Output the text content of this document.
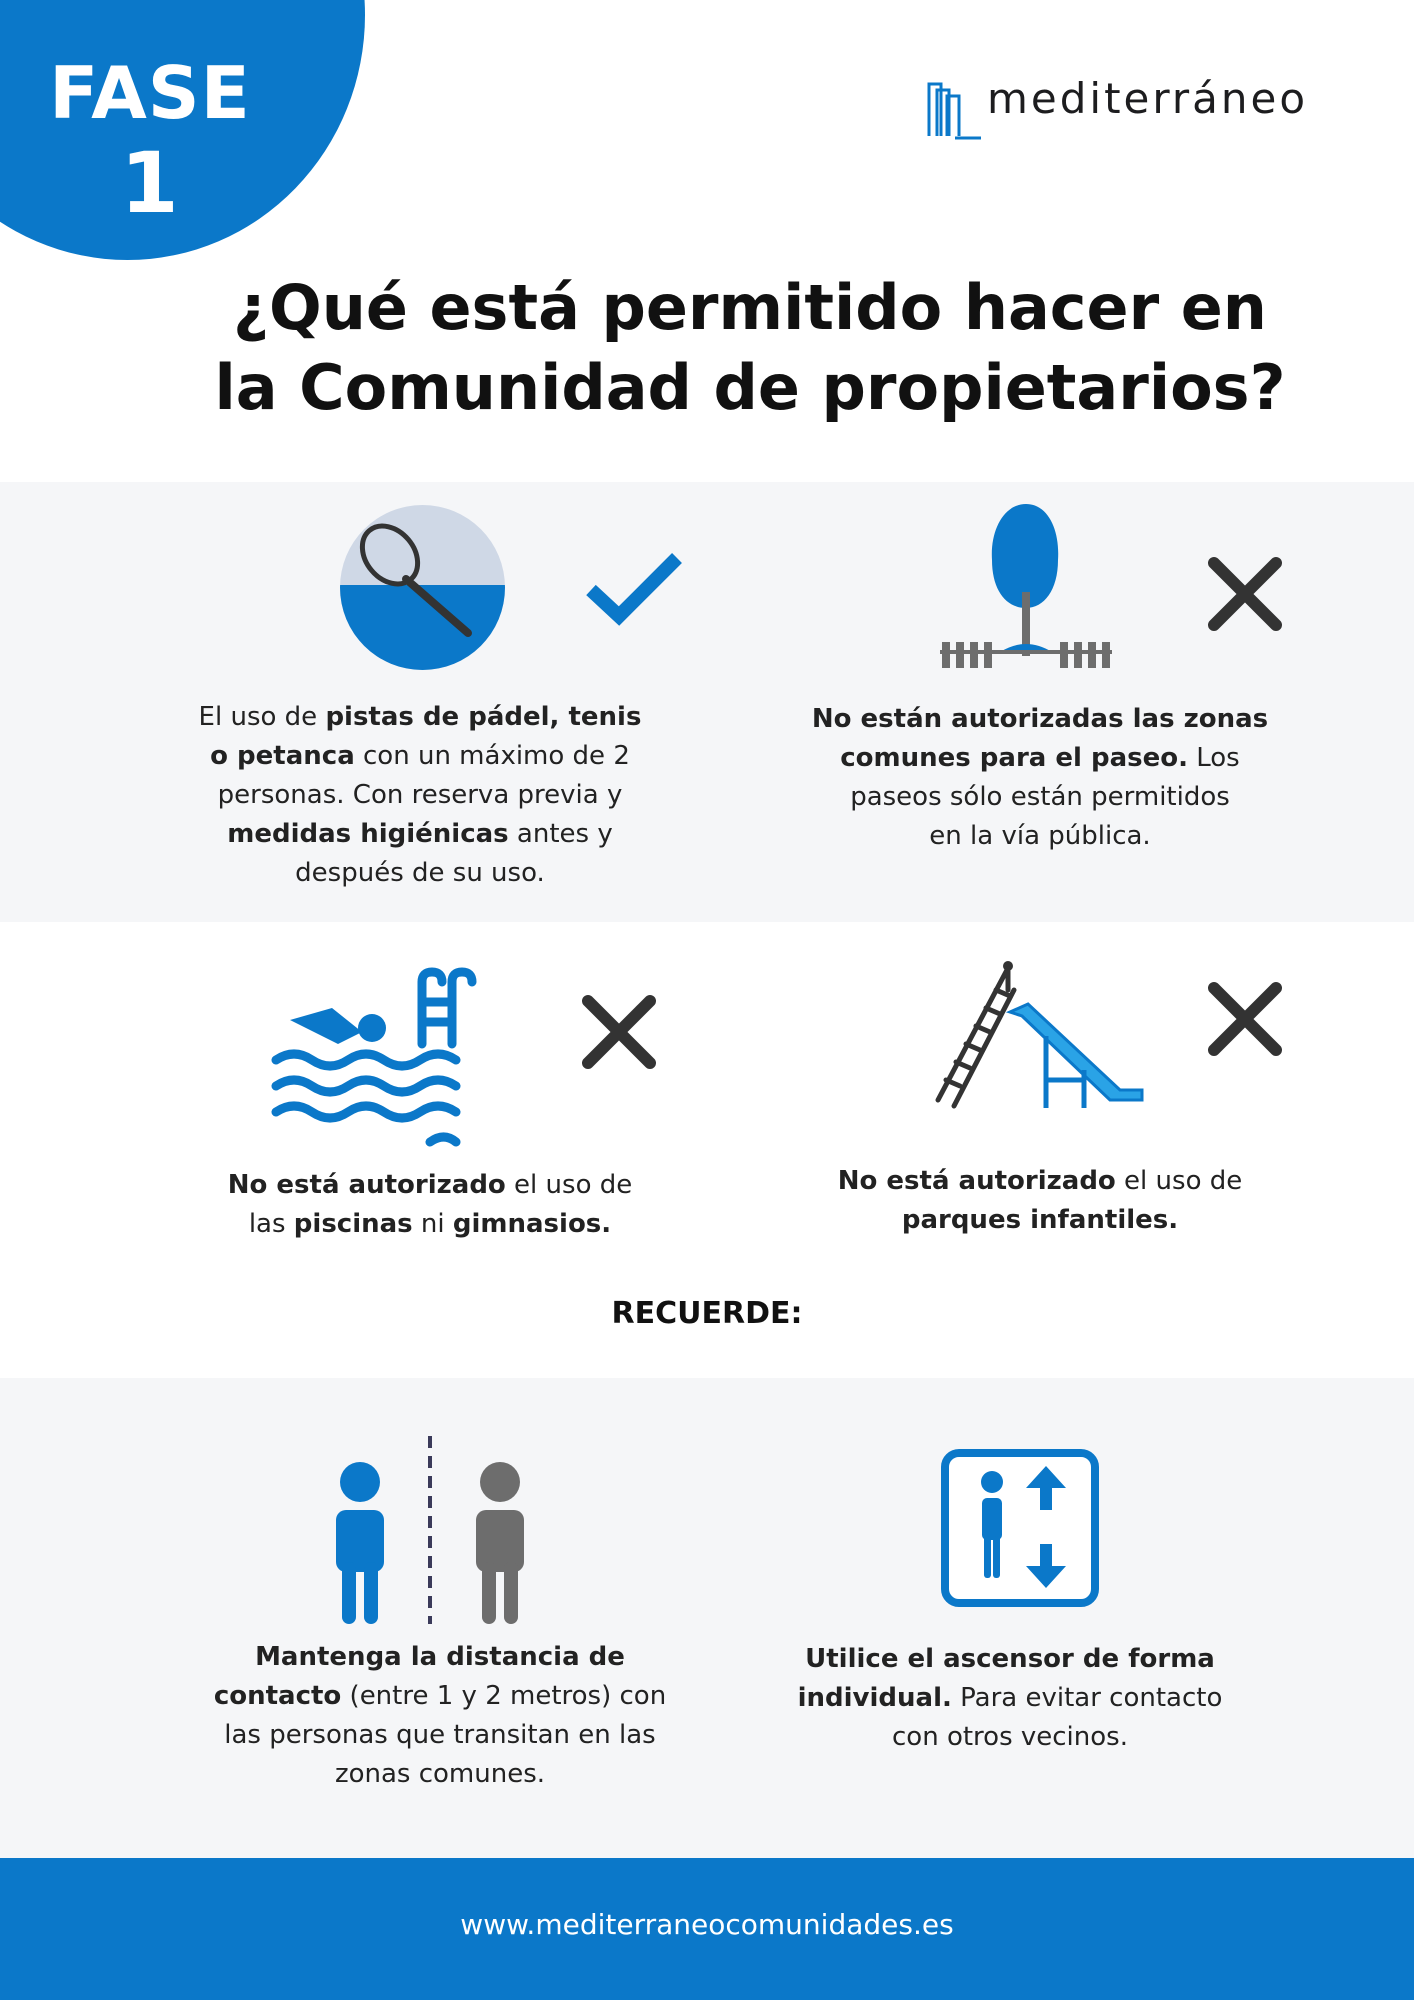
FASE
1
mediterráneo
¿Qué está permitido hacer en
la Comunidad de propietarios?
El uso de pistas de pádel, tenis
o petanca con un máximo de 2
personas. Con reserva previa y
medidas higiénicas antes y
después de su uso.
No están autorizadas las zonas
comunes para el paseo. Los
paseos sólo están permitidos
en la vía pública.
No está autorizado el uso de
las piscinas ni gimnasios.
No está autorizado el uso de
parques infantiles.
RECUERDE:
Mantenga la distancia de
contacto (entre 1 y 2 metros) con
las personas que transitan en las
zonas comunes.
Utilice el ascensor de forma
individual. Para evitar contacto
con otros vecinos.
www.mediterraneocomunidades.es
